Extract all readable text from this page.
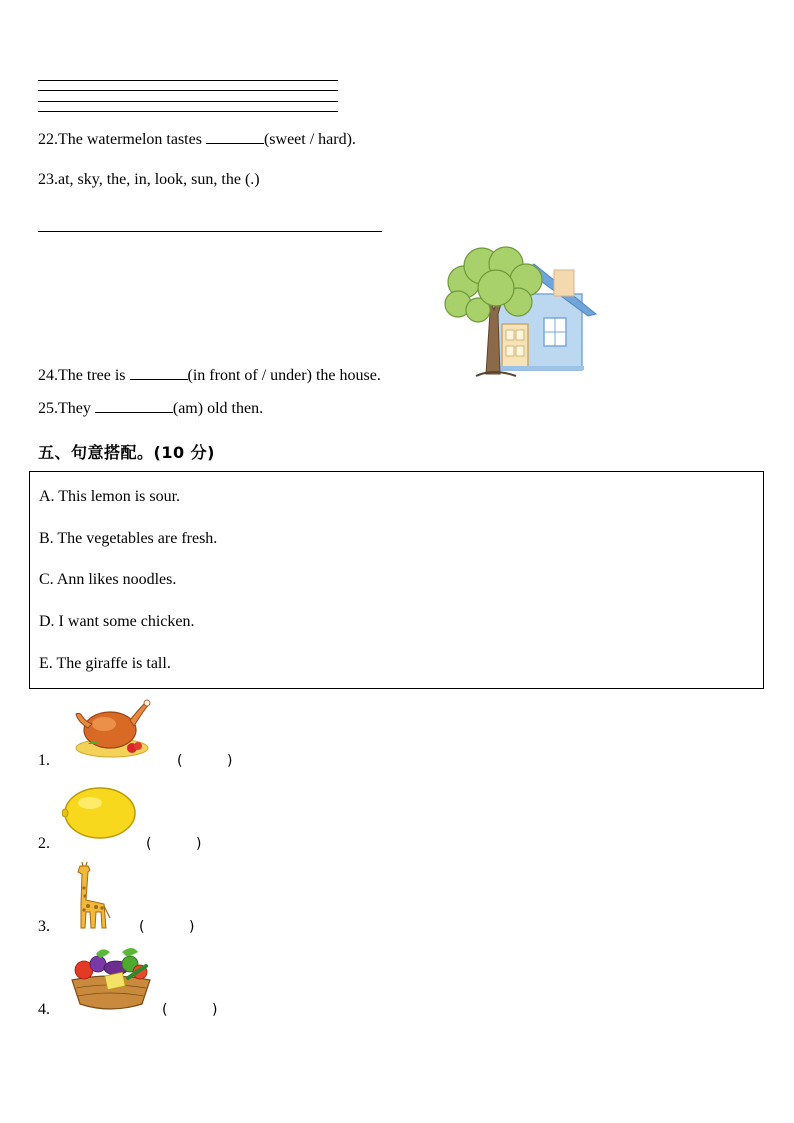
22.The watermelon tastes	(sweet / hard).
23.at, sky, the, in, look, sun, the (.)
24.The tree is	(in front of / under) the house.
25.They	(am) old then.
五、句意搭配。(10 分)
A. This lemon is sour.
B. The vegetables are fresh.
C. Ann likes noodles.
D. I want some chicken.
E. The giraffe is tall.
1.	(          )
2.	(          )
3.	(          )
4.	(          )
